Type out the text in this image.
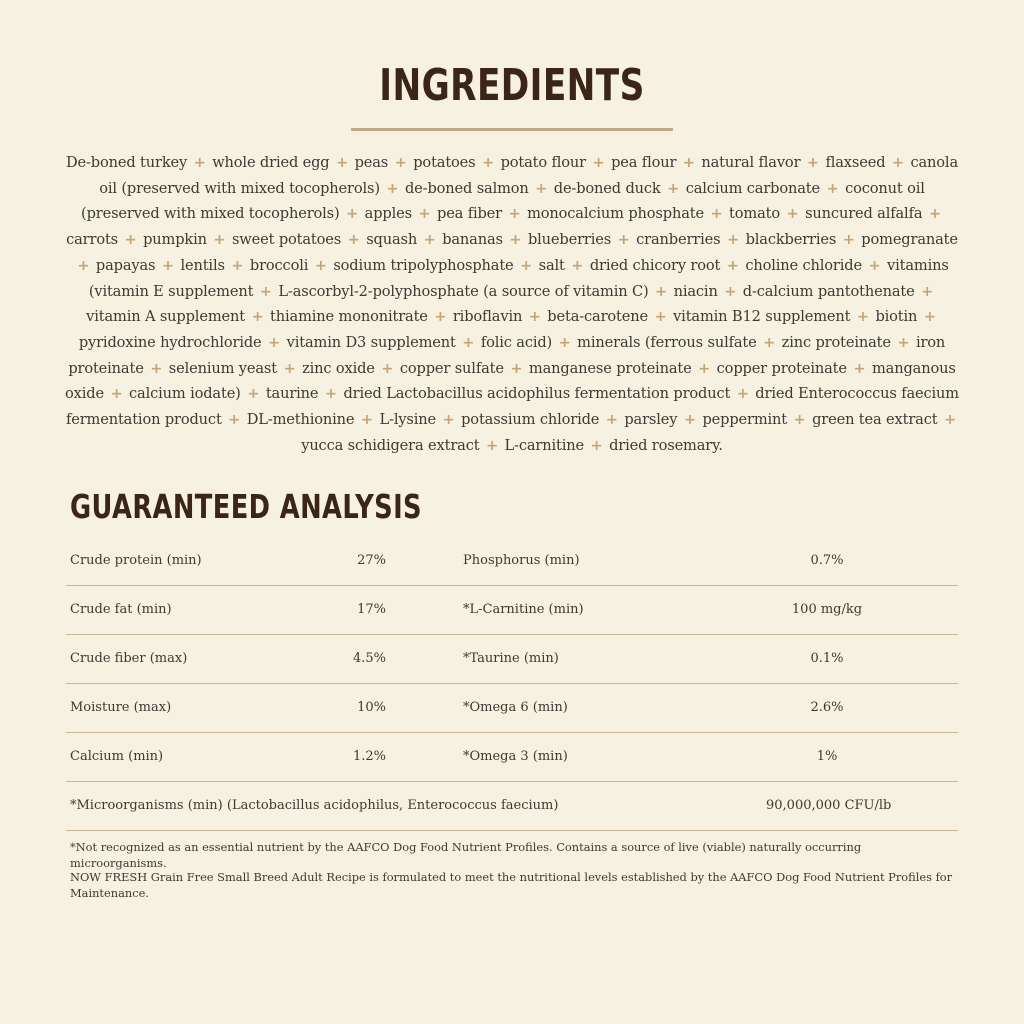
INGREDIENTS
De-boned turkey + whole dried egg + peas + potatoes + potato flour + pea flour + natural flavor + flaxseed + canola oil (preserved with mixed tocopherols) + de-boned salmon + de-boned duck + calcium carbonate + coconut oil (preserved with mixed tocopherols) + apples + pea fiber + monocalcium phosphate + tomato + suncured alfalfa + carrots + pumpkin + sweet potatoes + squash + bananas + blueberries + cranberries + blackberries + pomegranate + papayas + lentils + broccoli + sodium tripolyphosphate + salt + dried chicory root + choline chloride + vitamins (vitamin E supplement + L-ascorbyl-2-polyphosphate (a source of vitamin C) + niacin + d-calcium pantothenate + vitamin A supplement + thiamine mononitrate + riboflavin + beta-carotene + vitamin B12 supplement + biotin + pyridoxine hydrochloride + vitamin D3 supplement + folic acid) + minerals (ferrous sulfate + zinc proteinate + iron proteinate + selenium yeast + zinc oxide + copper sulfate + manganese proteinate + copper proteinate + manganous oxide + calcium iodate) + taurine + dried Lactobacillus acidophilus fermentation product + dried Enterococcus faecium fermentation product + DL-methionine + L-lysine + potassium chloride + parsley + peppermint + green tea extract + yucca schidigera extract + L-carnitine + dried rosemary.
GUARANTEED ANALYSIS
Crude protein (min)	27%	Phosphorus (min)	0.7%
Crude fat (min)	17%	*L-Carnitine (min)	100 mg/kg
Crude fiber (max)	4.5%	*Taurine (min)	0.1%
Moisture (max)	10%	*Omega 6 (min)	2.6%
Calcium (min)	1.2%	*Omega 3 (min)	1%
*Microorganisms (min) (Lactobacillus acidophilus, Enterococcus faecium)	90,000,000 CFU/lb
*Not recognized as an essential nutrient by the AAFCO Dog Food Nutrient Profiles. Contains a source of live (viable) naturally occurring microorganisms.
NOW FRESH Grain Free Small Breed Adult Recipe is formulated to meet the nutritional levels established by the AAFCO Dog Food Nutrient Profiles for Maintenance.
